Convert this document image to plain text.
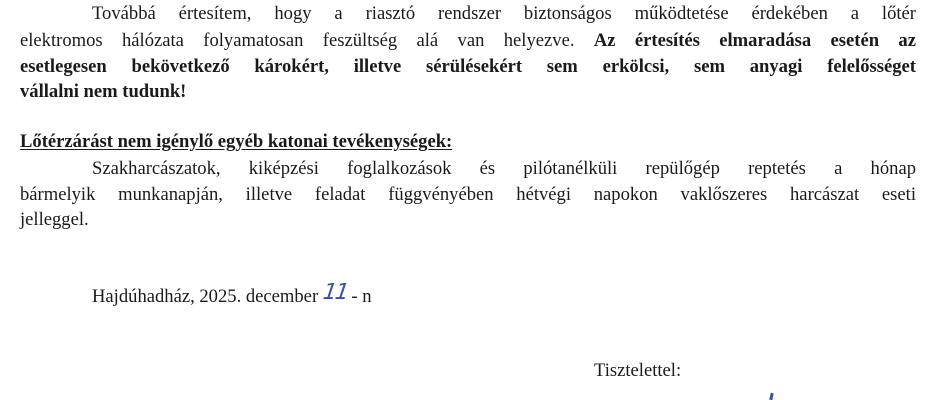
Továbbá értesítem, hogy a riasztó rendszer biztonságos működtetése érdekében a lőtér
elektromos hálózata folyamatosan feszültség alá van helyezve. Az értesítés elmaradása esetén az
esetlegesen bekövetkező károkért, illetve sérülésekért sem erkölcsi, sem anyagi felelősséget
vállalni nem tudunk!
Lőtérzárást nem igénylő egyéb katonai tevékenységek:
Szakharcászatok, kiképzési foglalkozások és pilótanélküli repülőgép reptetés a hónap
bármelyik munkanapján, illetve feladat függvényében hétvégi napokon vaklőszeres harcászat eseti
jelleggel.
Hajdúhadház, 2025. december 11 - n
Tisztelettel:
